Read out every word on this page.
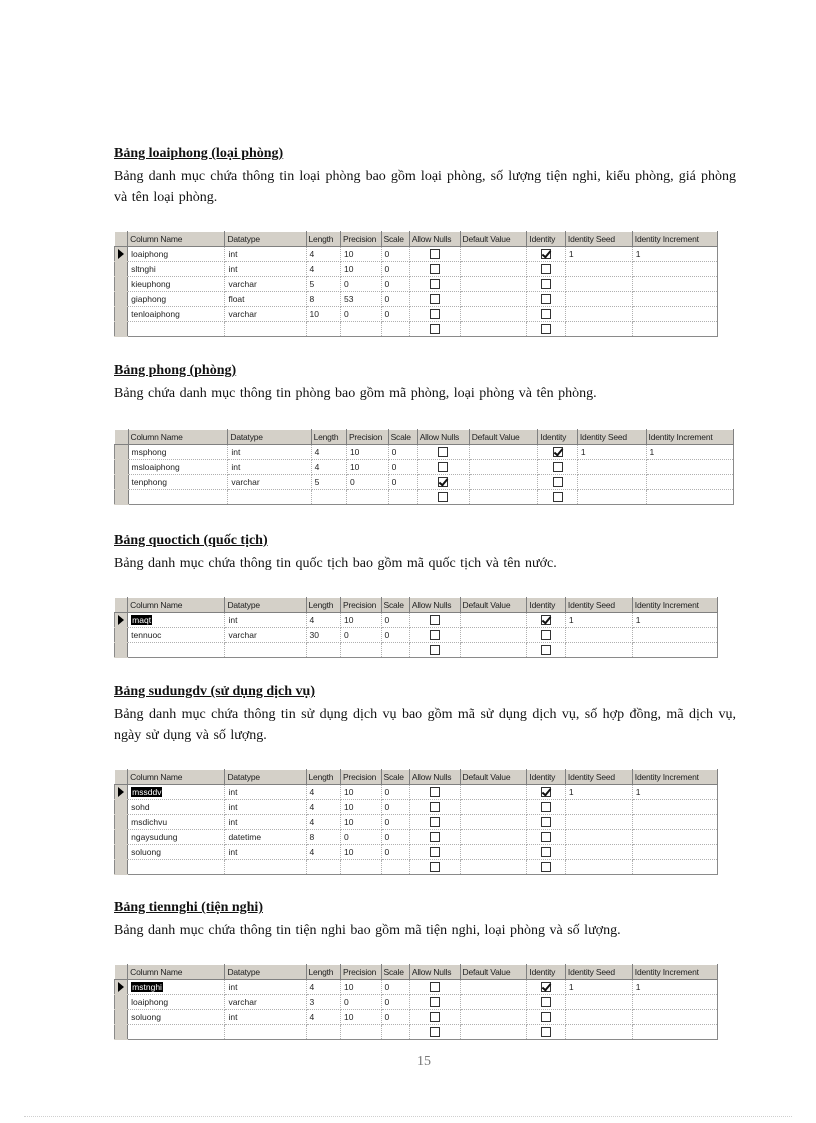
Bảng loaiphong (loại phòng)

Bảng danh mục chứa thông tin loại phòng bao gồm loại phòng, số lượng tiện nghi, kiểu phòng, giá phòng và tên loại phòng.

	Column Name	Datatype	Length	Precision	Scale	Allow Nulls	Default Value	Identity	Identity Seed	Identity Increment
	loaiphong	int	4	10	0				1	1
	sltnghi	int	4	10	0					
	kieuphong	varchar	5	0	0					
	giaphong	float	8	53	0					
	tenloaiphong	varchar	10	0	0					

Bảng phong (phòng)

Bảng chứa danh mục thông tin phòng bao gồm mã phòng, loại phòng và tên phòng.

	Column Name	Datatype	Length	Precision	Scale	Allow Nulls	Default Value	Identity	Identity Seed	Identity Increment
	msphong	int	4	10	0				1	1
	msloaiphong	int	4	10	0					
	tenphong	varchar	5	0	0					

Bảng quoctich (quốc tịch)

Bảng danh mục chứa thông tin quốc tịch bao gồm mã quốc tịch và tên nước.

	Column Name	Datatype	Length	Precision	Scale	Allow Nulls	Default Value	Identity	Identity Seed	Identity Increment
	maqt	int	4	10	0				1	1
	tennuoc	varchar	30	0	0					

Bảng sudungdv (sử dụng dịch vụ)

Bảng danh mục chứa thông tin sử dụng dịch vụ bao gồm mã sử dụng dịch vụ, số hợp đồng, mã dịch vụ, ngày sử dụng và số lượng.

	Column Name	Datatype	Length	Precision	Scale	Allow Nulls	Default Value	Identity	Identity Seed	Identity Increment
	mssddv	int	4	10	0				1	1
	sohd	int	4	10	0					
	msdichvu	int	4	10	0					
	ngaysudung	datetime	8	0	0					
	soluong	int	4	10	0					

Bảng tiennghi (tiện nghi)

Bảng danh mục chứa thông tin tiện nghi bao gồm mã tiện nghi, loại phòng và số lượng.

	Column Name	Datatype	Length	Precision	Scale	Allow Nulls	Default Value	Identity	Identity Seed	Identity Increment
	mstnghi	int	4	10	0				1	1
	loaiphong	varchar	3	0	0					
	soluong	int	4	10	0					

15
